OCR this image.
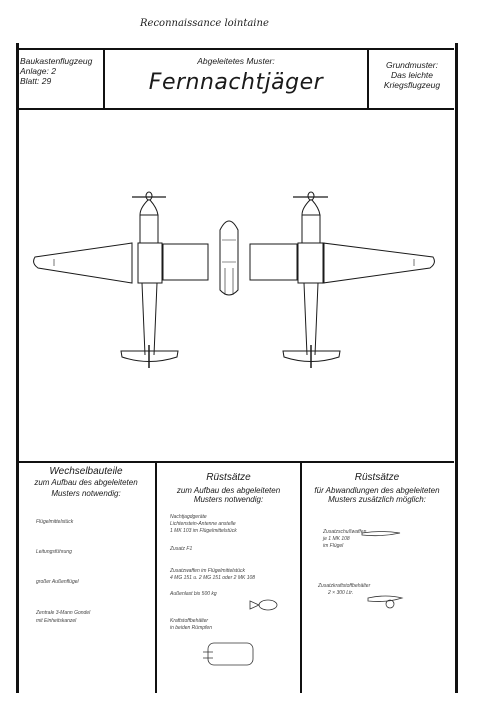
Reconnaissance lointaine
Baukastenflugzeug
Anlage: 2
Blatt: 29
Abgeleitetes Muster:
Fernnachtjäger
Grundmuster:
Das leichte
Kriegsflugzeug
Wechselbauteile
zum Aufbau des abgeleiteten
Musters notwendig:
Flügelmittelstück
Leitungsführung
großer Außenflügel
Zentrale 3-Mann Gondel
mit Einheitskanzel
Rüstsätze
zum Aufbau des abgeleiteten
Musters notwendig:
Nachtjagdgeräte
Lichtenstein-Antenne anstelle
1 MK 103 im Flügelmittelstück
Zusatz F1
Zusatzwaffen im Flügelmittelstück
4 MG 151 u. 2 MG 151 oder 2 MK 108
Außenlast bis 500 kg
Kraftstoffbehälter
in beiden Rümpfen
Rüstsätze
für Abwandlungen des abgeleiteten
Musters zusätzlich möglich:
Zusatzschußwaffen
je 1 MK 108
im Flügel
Zusatzkraftstoffbehälter
2 × 300 Ltr.
